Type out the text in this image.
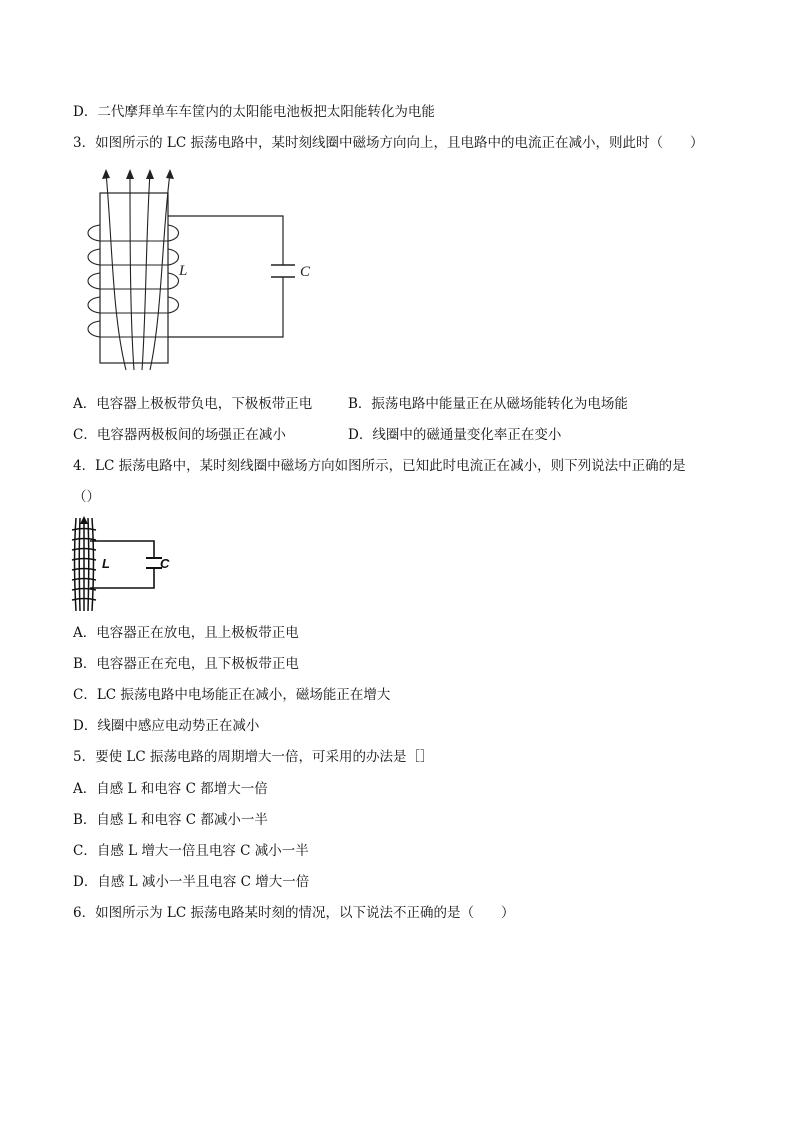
D．二代摩拜单车车筐内的太阳能电池板把太阳能转化为电能
3．如图所示的 LC 振荡电路中，某时刻线圈中磁场方向向上，且电路中的电流正在减小，则此时（　　）
L	C
A．电容器上极板带负电，下极板带正电	B．振荡电路中能量正在从磁场能转化为电场能
C．电容器两极板间的场强正在减小	D．线圈中的磁通量变化率正在变小
4．LC 振荡电路中，某时刻线圈中磁场方向如图所示，已知此时电流正在减小，则下列说法中正确的是
（）
L	C
A．电容器正在放电，且上极板带正电
B．电容器正在充电，且下极板带正电
C．LC 振荡电路中电场能正在减小，磁场能正在增大
D．线圈中感应电动势正在减小
5．要使 LC 振荡电路的周期增大一倍，可采用的办法是［］
A．自感 L 和电容 C 都增大一倍
B．自感 L 和电容 C 都减小一半
C．自感 L 增大一倍且电容 C 减小一半
D．自感 L 减小一半且电容 C 增大一倍
6．如图所示为 LC 振荡电路某时刻的情况，以下说法不正确的是（　　）
